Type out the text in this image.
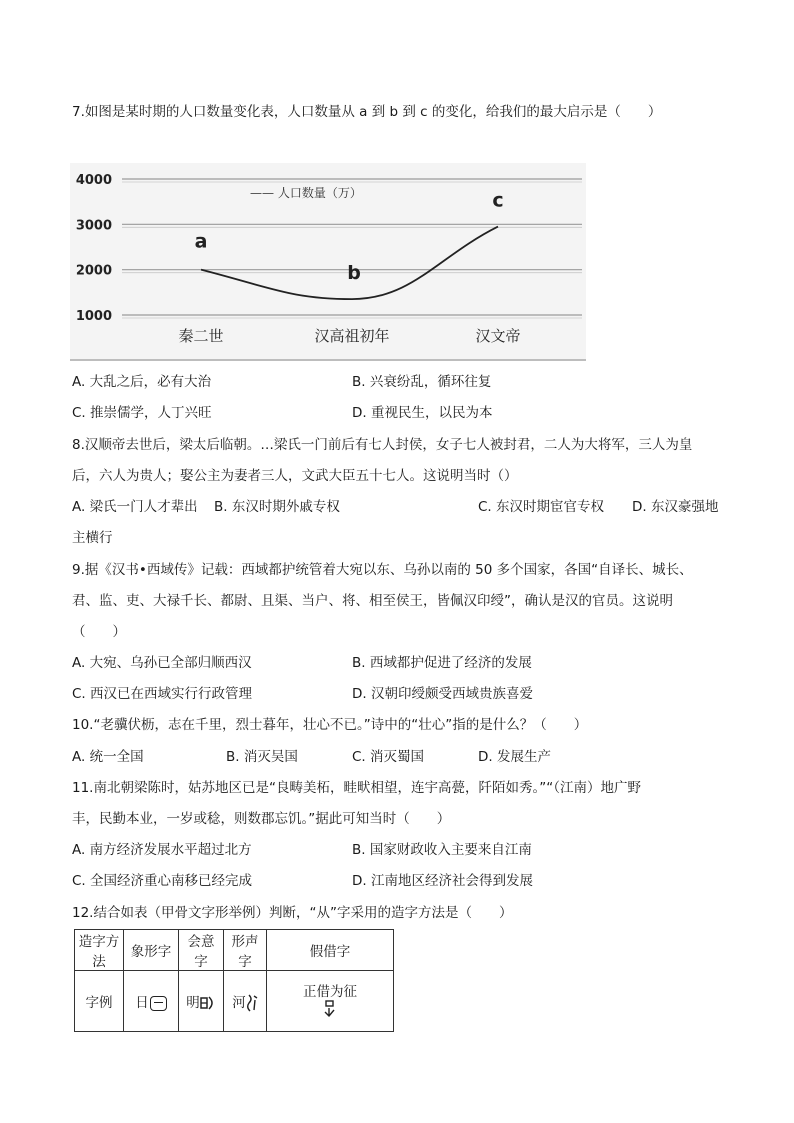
7.如图是某时期的人口数量变化表，人口数量从 a 到 b 到 c 的变化，给我们的最大启示是（　　）
4000
3000
2000
1000
秦二世	汉高祖初年	汉文帝
—— 人口数量（万）
a
b
c
A. 大乱之后，必有大治	B. 兴衰纷乱，循环往复
C. 推崇儒学，人丁兴旺	D. 重视民生，以民为本
8.汉顺帝去世后，梁太后临朝。…梁氏一门前后有七人封侯，女子七人被封君，二人为大将军，三人为皇
后，六人为贵人；娶公主为妻者三人，文武大臣五十七人。这说明当时（）
A. 梁氏一门人才辈出 B. 东汉时期外戚专权	C. 东汉时期宦官专权 D. 东汉豪强地
主横行
9.据《汉书•西域传》记载：西域都护统管着大宛以东、乌孙以南的 50 多个国家，各国“自译长、城长、
君、监、吏、大禄千长、都尉、且渠、当户、将、相至侯王，皆佩汉印绶”，确认是汉的官员。这说明
（　　）
A. 大宛、乌孙已全部归顺西汉	B. 西域都护促进了经济的发展
C. 西汉已在西域实行行政管理	D. 汉朝印绶颇受西域贵族喜爱
10.“老骥伏枥，志在千里，烈士暮年，壮心不已。”诗中的“壮心”指的是什么？（　　）
A. 统一全国	B. 消灭吴国	C. 消灭蜀国	D. 发展生产
11.南北朝梁陈时，姑苏地区已是“良畴美柘，畦畎相望，连宇高甍，阡陌如秀。”“（江南）地广野
丰，民勤本业，一岁或稔，则数郡忘饥。”据此可知当时（　　）
A. 南方经济发展水平超过北方	B. 国家财政收入主要来自江南
C. 全国经济重心南移已经完成	D. 江南地区经济社会得到发展
12.结合如表（甲骨文字形举例）判断，“从”字采用的造字方法是（　　）
造字方法	象形字	会意字	形声字	假借字
字例	日	明	河	正借为征
